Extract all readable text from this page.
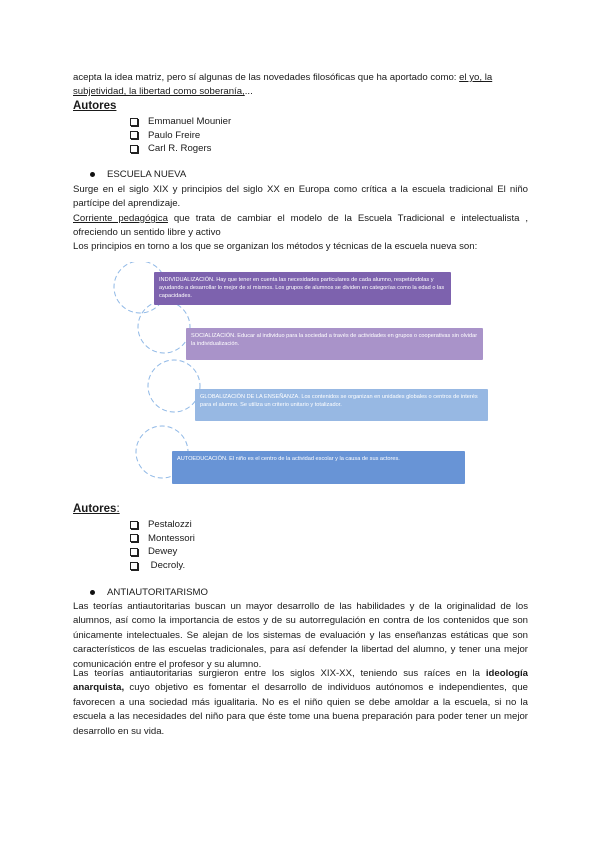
acepta la idea matriz, pero sí algunas de las novedades filosóficas que ha aportado como: el yo, la
subjetividad, la libertad como soberanía,...
Autores
Emmanuel Mounier
Paulo Freire
Carl R. Rogers
ESCUELA NUEVA
Surge en el siglo XIX y principios del siglo XX en Europa como crítica a la escuela tradicional El niño partícipe del aprendizaje.
Corriente pedagógica que trata de cambiar el modelo de la Escuela Tradicional e intelectualista , ofreciendo un sentido libre y activo
Los principios en torno a los que se organizan los métodos y técnicas de la escuela nueva son:
INDIVIDUALIZACIÓN. Hay que tener en cuenta las necesidades particulares de cada alumno, respetándolas y ayudando a desarrollar lo mejor de sí mismos. Los grupos de alumnos se dividen en categorías como la edad o las capacidades.
SOCIALIZACIÓN. Educar al individuo para la sociedad a través de actividades en grupos o cooperativas sin olvidar la individualización.
GLOBALIZACIÓN DE LA ENSEÑANZA. Los contenidos se organizan en unidades globales o centros de interés para el alumno. Se utiliza un criterio unitario y totalizador.
AUTOEDUCACIÓN. El niño es el centro de la actividad escolar y la causa de sus actores.
Autores:
Pestalozzi
Montessori
Dewey
Decroly.
ANTIAUTORITARISMO
Las teorías antiautoritarias buscan un mayor desarrollo de las habilidades y de la originalidad de los alumnos, así como la importancia de estos y de su autorregulación en contra de los contenidos que son únicamente intelectuales. Se alejan de los sistemas de evaluación y las enseñanzas estáticas que son característicos de las escuelas tradicionales, para así defender la libertad del alumno, y tener una mejor comunicación entre el profesor y su alumno.
Las teorías antiautoritarias surgieron entre los siglos XIX-XX, teniendo sus raíces en la ideología anarquista, cuyo objetivo es fomentar el desarrollo de individuos autónomos e independientes, que favorecen a una sociedad más igualitaria. No es el niño quien se debe amoldar a la escuela, si no la escuela a las necesidades del niño para que éste tome una buena preparación para poder tener un mejor desarrollo en su vida.
